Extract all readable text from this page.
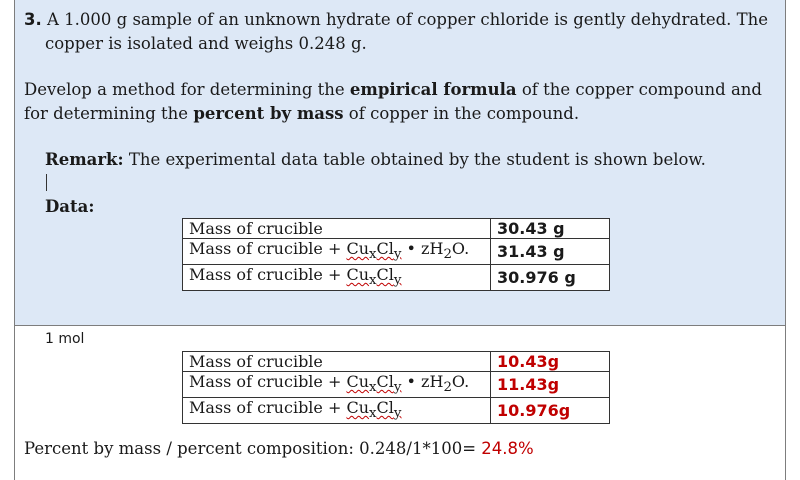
3. A 1.000 g sample of an unknown hydrate of copper chloride is gently dehydrated. The
copper is isolated and weighs 0.248 g.
Develop a method for determining the empirical formula of the copper compound and
for determining the percent by mass of copper in the compound.
Remark: The experimental data table obtained by the student is shown below.
Data:
Mass of crucible	30.43 g
Mass of crucible + $Cu_xCl_y$ • $zH_2O$.	31.43 g
Mass of crucible + $Cu_xCl_y$	30.976 g
1 mol
Mass of crucible	10.43g
Mass of crucible + $Cu_xCl_y$ • $zH_2O$.	11.43g
Mass of crucible + $Cu_xCl_y$	10.976g
Percent by mass / percent composition: 0.248/1*100= 24.8%
